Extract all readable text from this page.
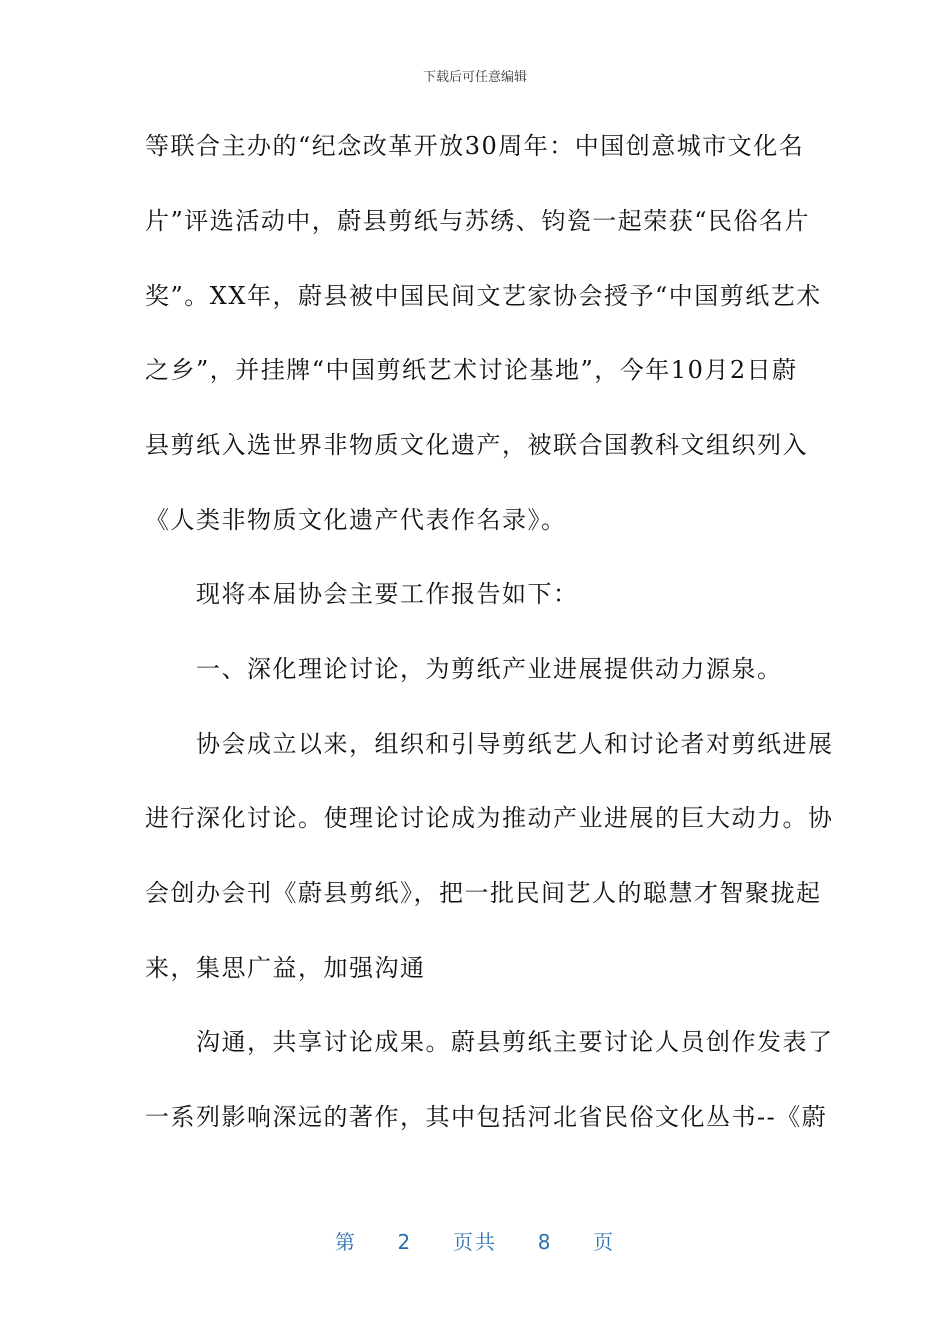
下载后可任意编辑
等联合主办的“纪念改革开放30周年：中国创意城市文化名
片”评选活动中，蔚县剪纸与苏绣、钧瓷一起荣获“民俗名片
奖”。XX年，蔚县被中国民间文艺家协会授予“中国剪纸艺术
之乡”，并挂牌“中国剪纸艺术讨论基地”，今年10月2日蔚
县剪纸入选世界非物质文化遗产，被联合国教科文组织列入
《人类非物质文化遗产代表作名录》。
　　现将本届协会主要工作报告如下：
　　一、深化理论讨论，为剪纸产业进展提供动力源泉。
　　协会成立以来，组织和引导剪纸艺人和讨论者对剪纸进展
进行深化讨论。使理论讨论成为推动产业进展的巨大动力。协
会创办会刊《蔚县剪纸》，把一批民间艺人的聪慧才智聚拢起
来，集思广益，加强沟通
　　沟通，共享讨论成果。蔚县剪纸主要讨论人员创作发表了
一系列影响深远的著作，其中包括河北省民俗文化丛书--《蔚
第 2 页共 8 页
